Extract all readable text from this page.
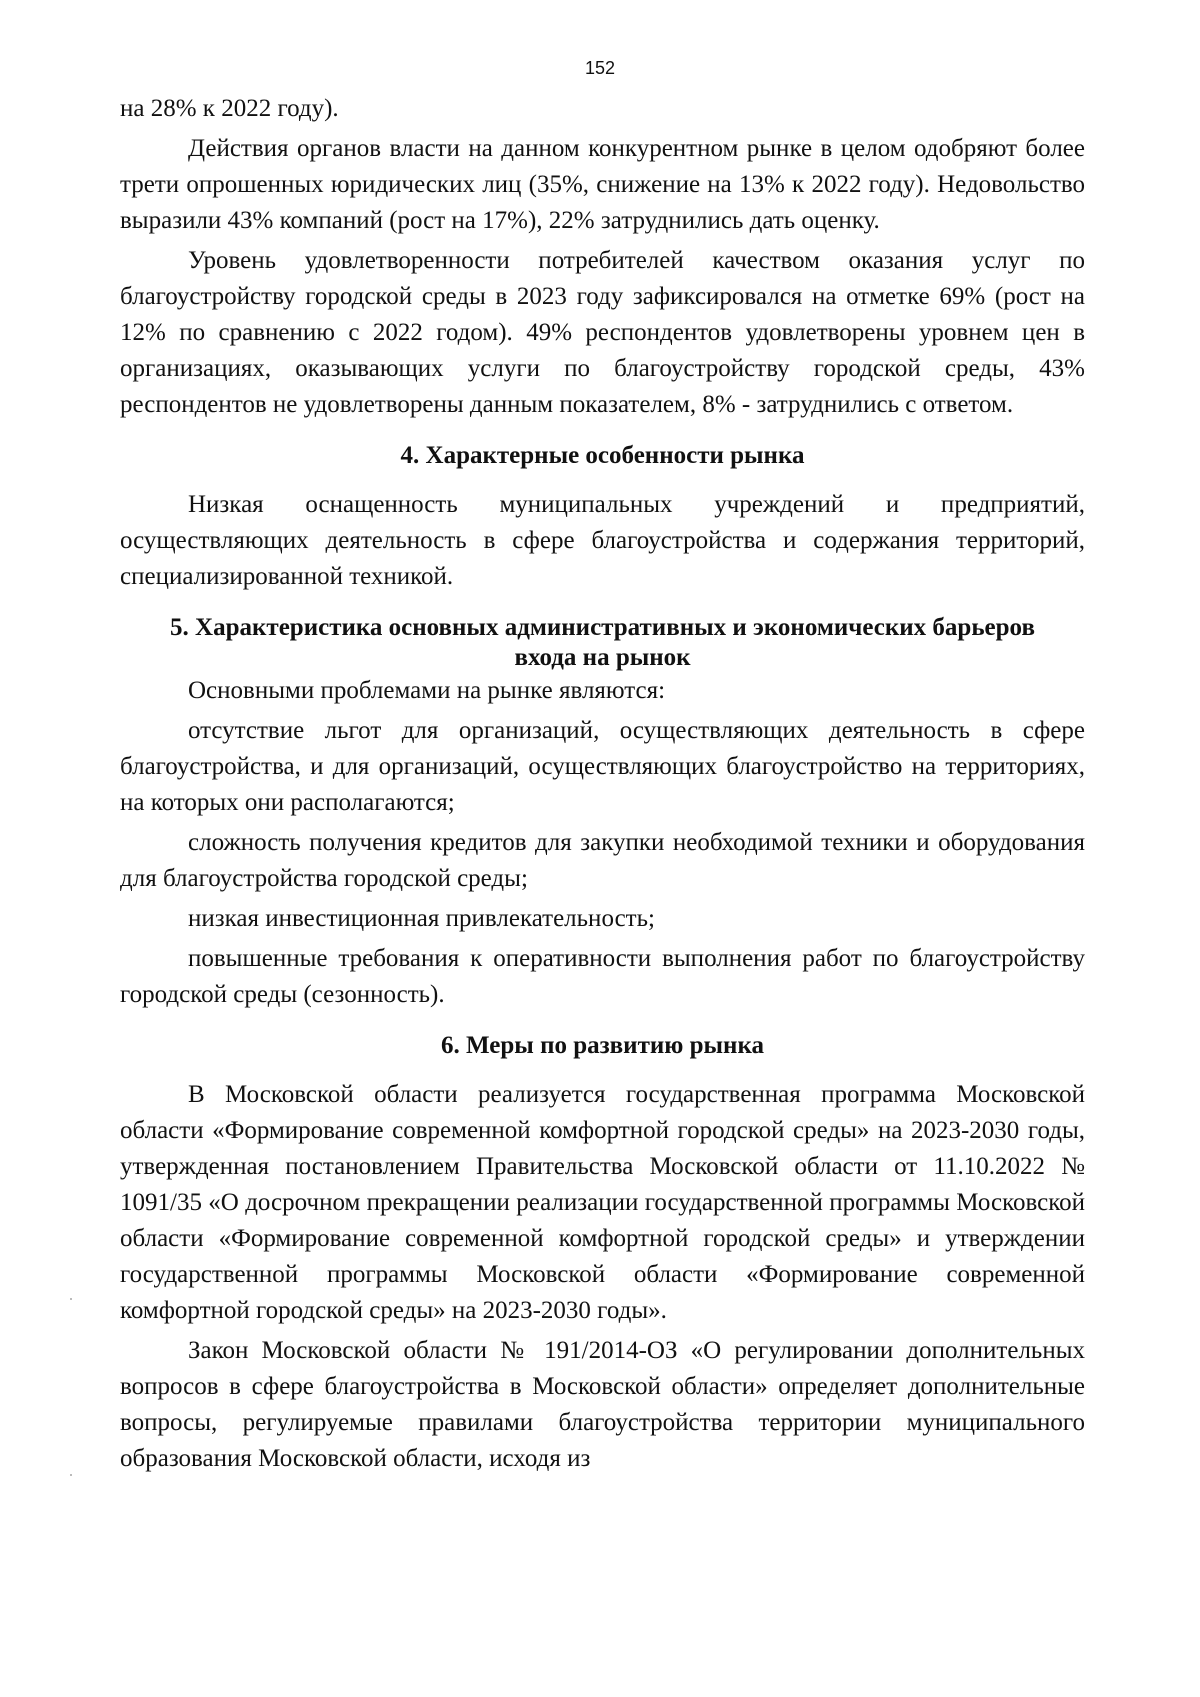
152

на 28% к 2022 году).

Действия органов власти на данном конкурентном рынке в целом одобряют более трети опрошенных юридических лиц (35%, снижение на 13% к 2022 году). Недовольство выразили 43% компаний (рост на 17%), 22% затруднились дать оценку.

Уровень удовлетворенности потребителей качеством оказания услуг по благоустройству городской среды в 2023 году зафиксировался на отметке 69% (рост на 12% по сравнению с 2022 годом). 49% респондентов удовлетворены уровнем цен в организациях, оказывающих услуги по благоустройству городской среды, 43% респондентов не удовлетворены данным показателем, 8% - затруднились с ответом.

4. Характерные особенности рынка

Низкая оснащенность муниципальных учреждений и предприятий, осуществляющих деятельность в сфере благоустройства и содержания территорий, специализированной техникой.

5. Характеристика основных административных и экономических барьеров
входа на рынок

Основными проблемами на рынке являются:

отсутствие льгот для организаций, осуществляющих деятельность в сфере благоустройства, и для организаций, осуществляющих благоустройство на территориях, на которых они располагаются;

сложность получения кредитов для закупки необходимой техники и оборудования для благоустройства городской среды;

низкая инвестиционная привлекательность;

повышенные требования к оперативности выполнения работ по благоустройству городской среды (сезонность).

6. Меры по развитию рынка

В Московской области реализуется государственная программа Московской области «Формирование современной комфортной городской среды» на 2023-2030 годы, утвержденная постановлением Правительства Московской области от 11.10.2022 № 1091/35 «О досрочном прекращении реализации государственной программы Московской области «Формирование современной комфортной городской среды» и утверждении государственной программы Московской области «Формирование современной комфортной городской среды» на 2023-2030 годы».

Закон Московской области № 191/2014-ОЗ «О регулировании дополнительных вопросов в сфере благоустройства в Московской области» определяет дополнительные вопросы, регулируемые правилами благоустройства территории муниципального образования Московской области, исходя из
